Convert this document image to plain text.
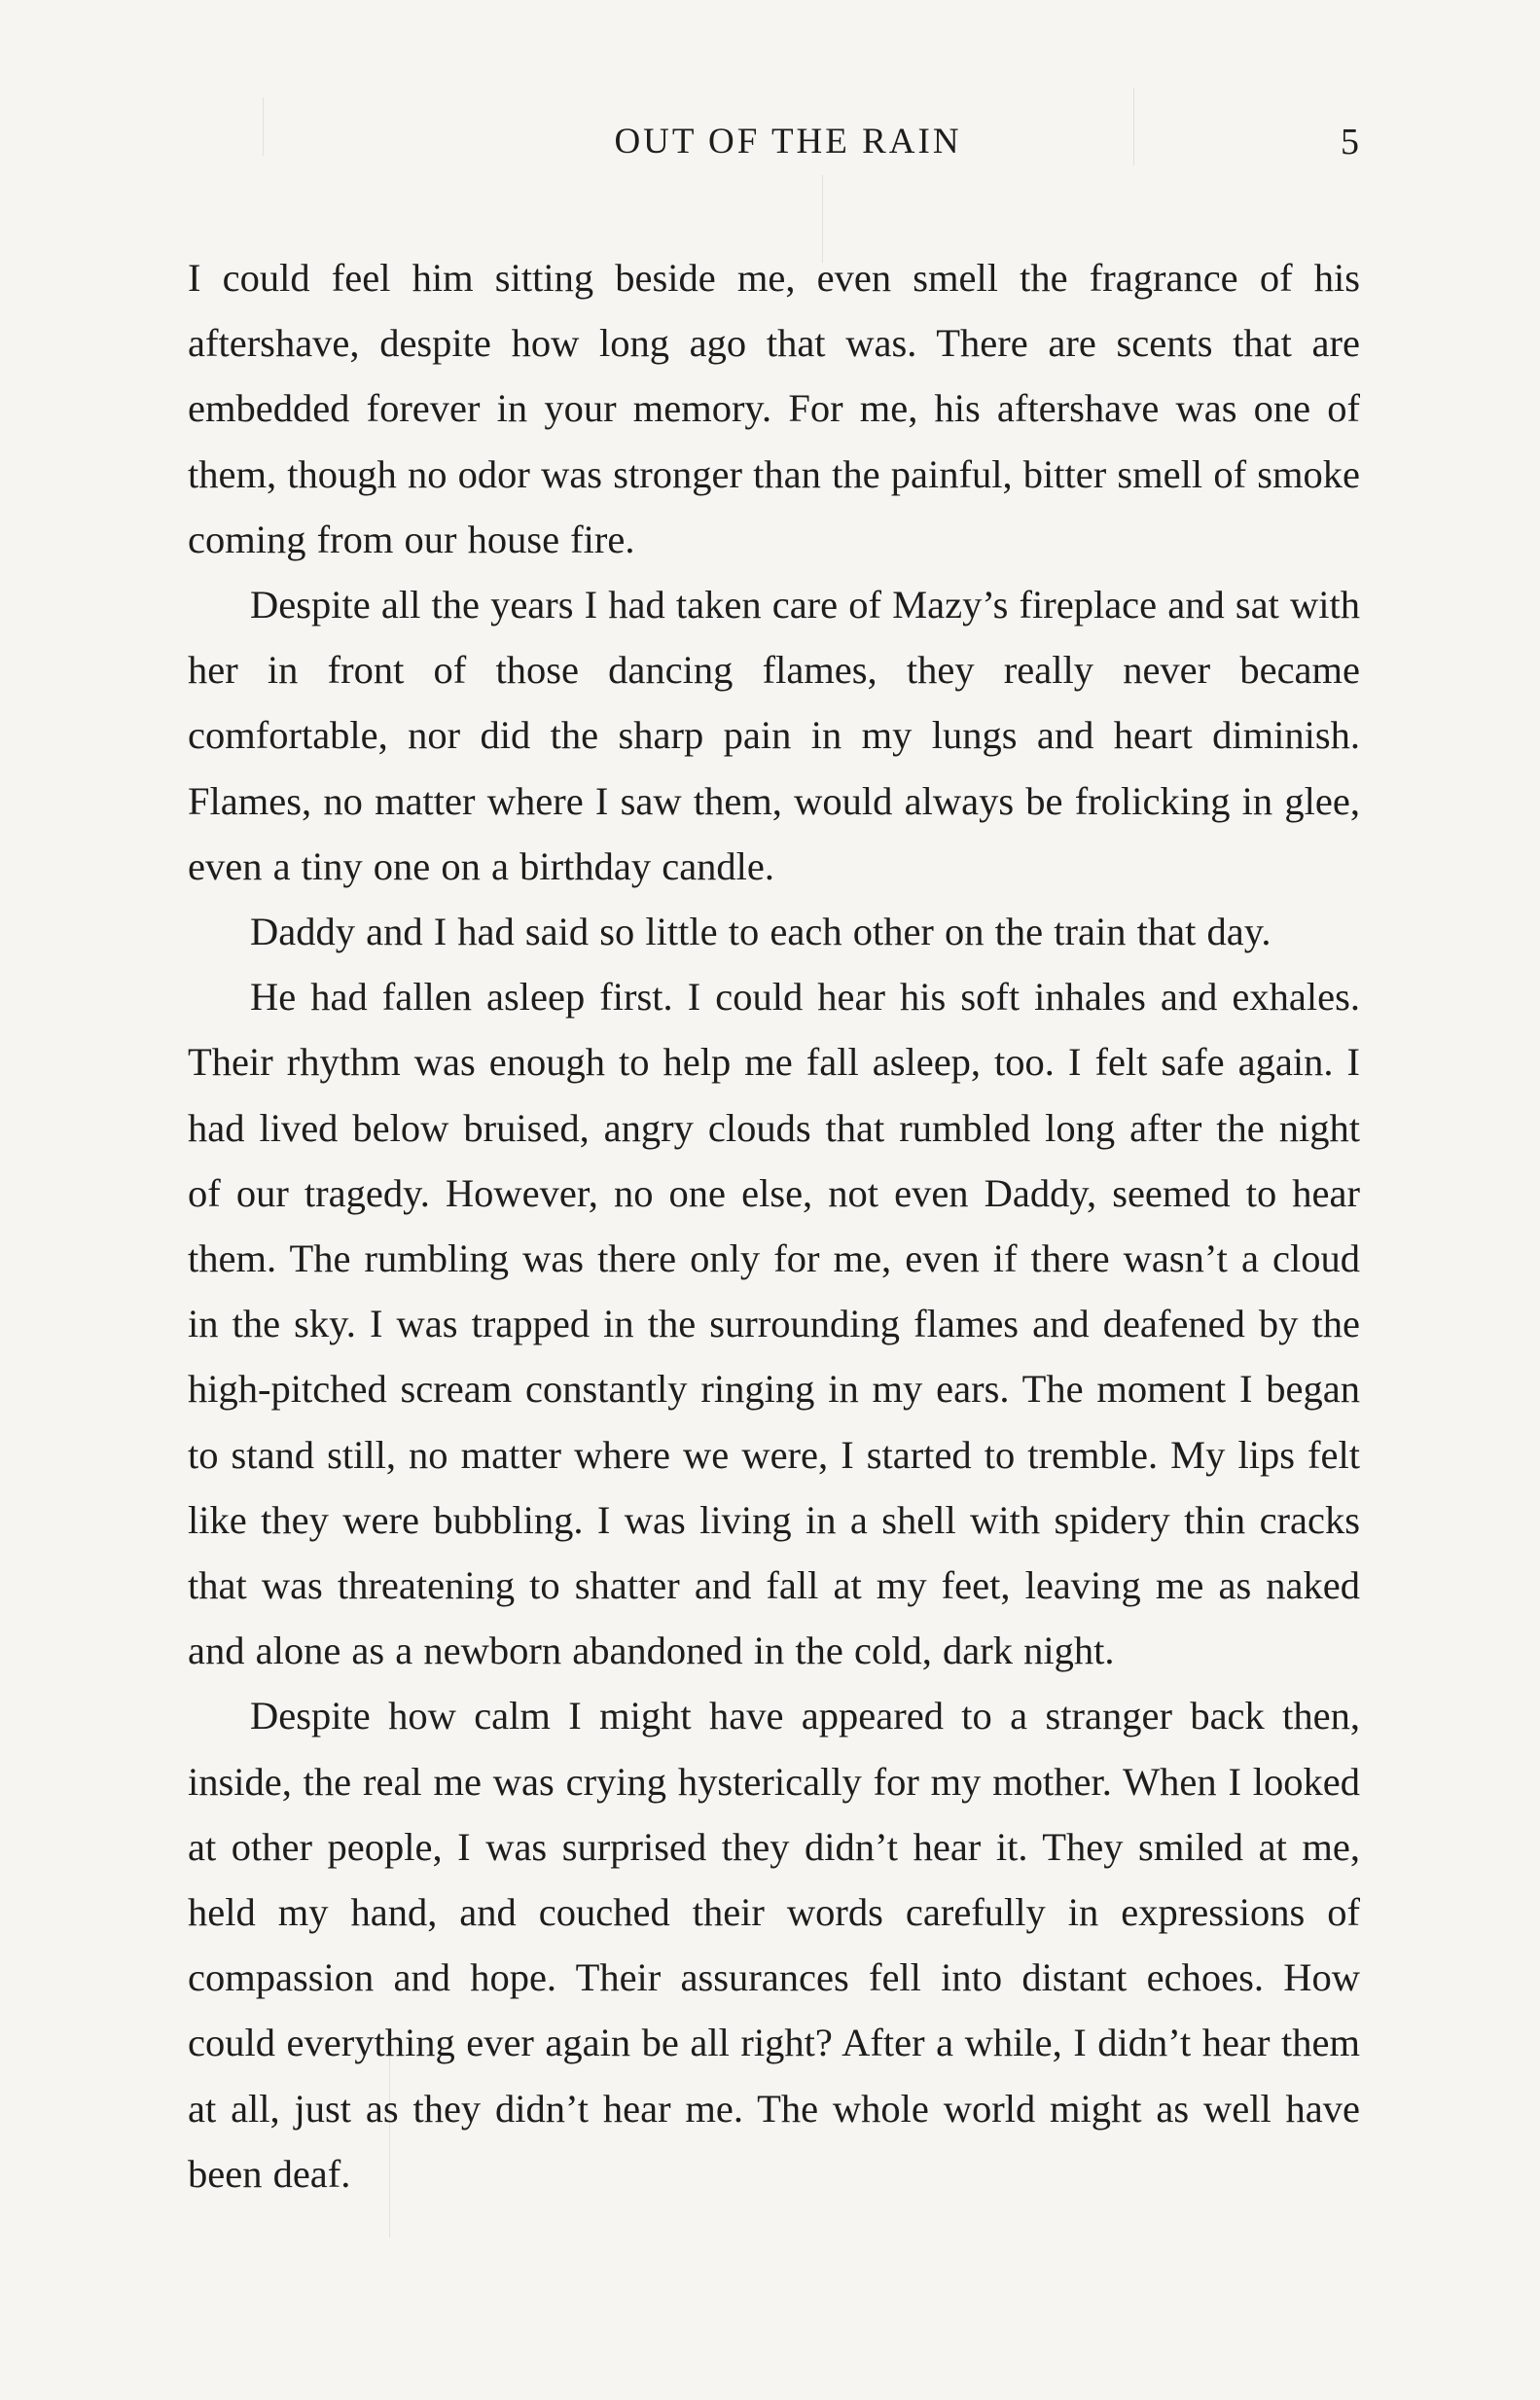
OUT OF THE RAIN	5

I could feel him sitting beside me, even smell the fragrance of his aftershave, despite how long ago that was. There are scents that are embedded forever in your memory. For me, his aftershave was one of them, though no odor was stronger than the painful, bitter smell of smoke coming from our house fire.

Despite all the years I had taken care of Mazy’s fireplace and sat with her in front of those dancing flames, they really never became comfortable, nor did the sharp pain in my lungs and heart diminish. Flames, no matter where I saw them, would always be frolicking in glee, even a tiny one on a birthday candle.

Daddy and I had said so little to each other on the train that day.

He had fallen asleep first. I could hear his soft inhales and exhales. Their rhythm was enough to help me fall asleep, too. I felt safe again. I had lived below bruised, angry clouds that rumbled long after the night of our tragedy. However, no one else, not even Daddy, seemed to hear them. The rumbling was there only for me, even if there wasn’t a cloud in the sky. I was trapped in the surrounding flames and deafened by the high-pitched scream constantly ringing in my ears. The moment I began to stand still, no matter where we were, I started to tremble. My lips felt like they were bubbling. I was living in a shell with spidery thin cracks that was threatening to shatter and fall at my feet, leaving me as naked and alone as a newborn abandoned in the cold, dark night.

Despite how calm I might have appeared to a stranger back then, inside, the real me was crying hysterically for my mother. When I looked at other people, I was surprised they didn’t hear it. They smiled at me, held my hand, and couched their words carefully in expressions of compassion and hope. Their assurances fell into distant echoes. How could everything ever again be all right? After a while, I didn’t hear them at all, just as they didn’t hear me. The whole world might as well have been deaf.
